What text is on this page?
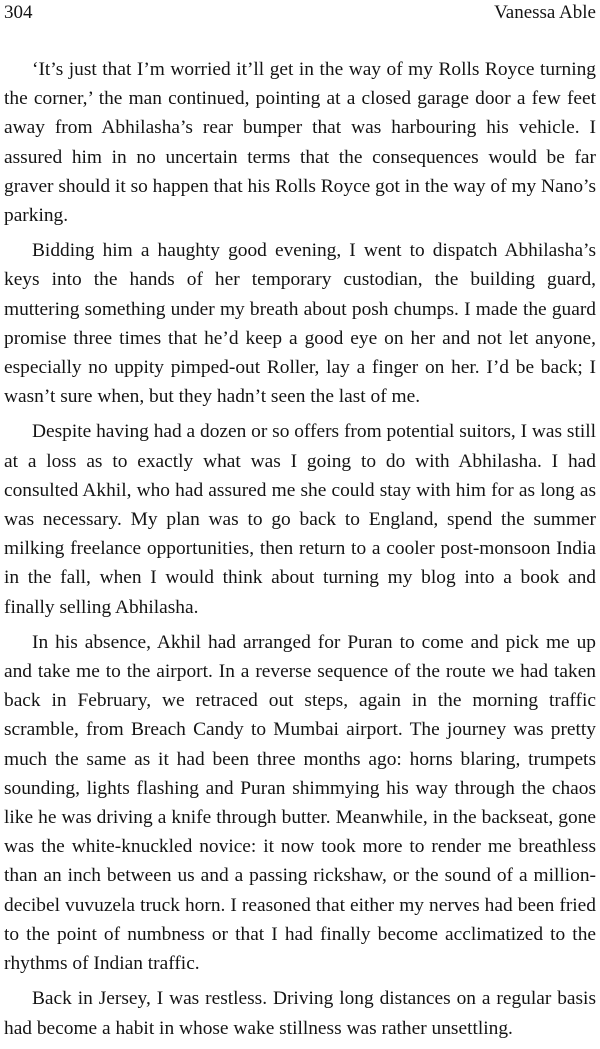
304	Vanessa Able

‘It’s just that I’m worried it’ll get in the way of my Rolls Royce turning the corner,’ the man continued, pointing at a closed garage door a few feet away from Abhilasha’s rear bumper that was harbouring his vehicle. I assured him in no uncertain terms that the consequences would be far graver should it so happen that his Rolls Royce got in the way of my Nano’s parking.

Bidding him a haughty good evening, I went to dispatch Abhilasha’s keys into the hands of her temporary custodian, the building guard, muttering something under my breath about posh chumps. I made the guard promise three times that he’d keep a good eye on her and not let anyone, especially no uppity pimped-out Roller, lay a finger on her. I’d be back; I wasn’t sure when, but they hadn’t seen the last of me.

Despite having had a dozen or so offers from potential suitors, I was still at a loss as to exactly what was I going to do with Abhilasha. I had consulted Akhil, who had assured me she could stay with him for as long as was necessary. My plan was to go back to England, spend the summer milking freelance opportunities, then return to a cooler post-monsoon India in the fall, when I would think about turning my blog into a book and finally selling Abhilasha.

In his absence, Akhil had arranged for Puran to come and pick me up and take me to the airport. In a reverse sequence of the route we had taken back in February, we retraced out steps, again in the morning traffic scramble, from Breach Candy to Mumbai airport. The journey was pretty much the same as it had been three months ago: horns blaring, trumpets sounding, lights flashing and Puran shimmying his way through the chaos like he was driving a knife through butter. Meanwhile, in the backseat, gone was the white-knuckled novice: it now took more to render me breathless than an inch between us and a passing rickshaw, or the sound of a million-decibel vuvuzela truck horn. I reasoned that either my nerves had been fried to the point of numbness or that I had finally become acclimatized to the rhythms of Indian traffic.

Back in Jersey, I was restless. Driving long distances on a regular basis had become a habit in whose wake stillness was rather unsettling.
